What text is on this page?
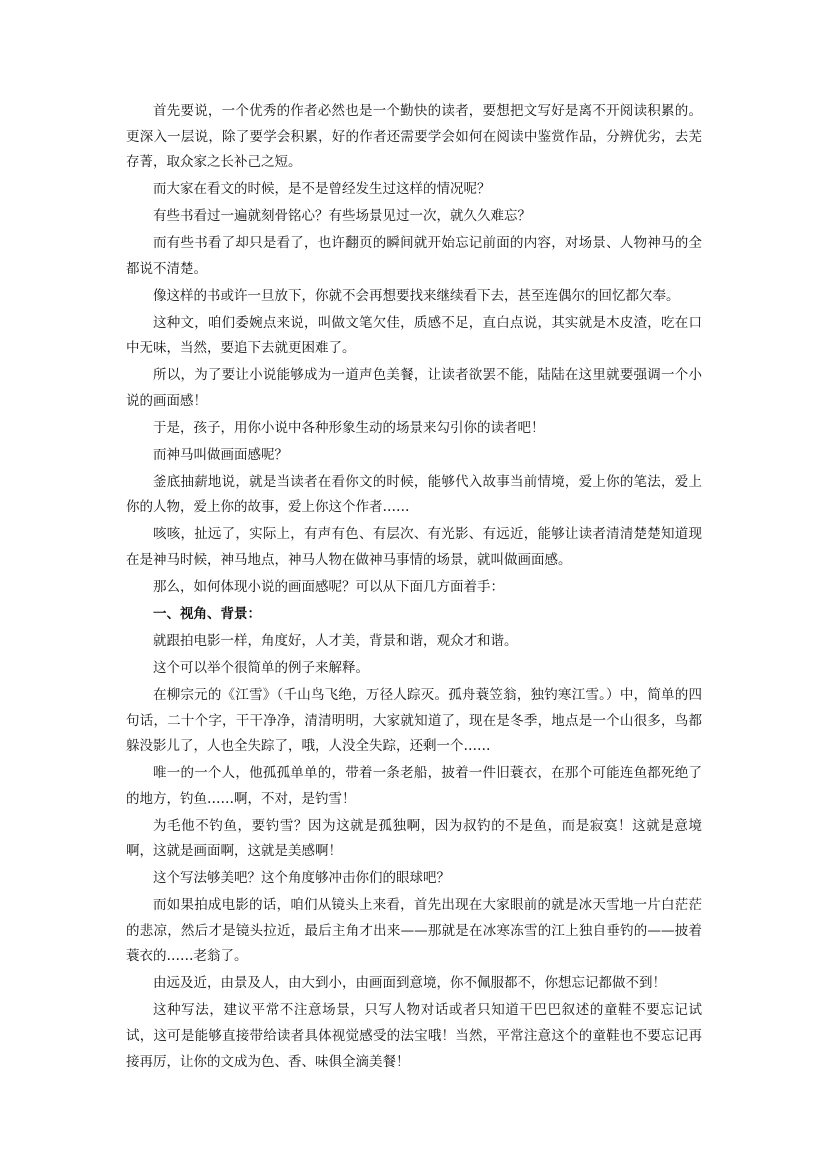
首先要说，一个优秀的作者必然也是一个勤快的读者，要想把文写好是离不开阅读积累的。更深入一层说，除了要学会积累，好的作者还需要学会如何在阅读中鉴赏作品，分辨优劣，去芜存菁，取众家之长补己之短。

而大家在看文的时候，是不是曾经发生过这样的情况呢？

有些书看过一遍就刻骨铭心？有些场景见过一次，就久久难忘？

而有些书看了却只是看了，也许翻页的瞬间就开始忘记前面的内容，对场景、人物神马的全都说不清楚。

像这样的书或许一旦放下，你就不会再想要找来继续看下去，甚至连偶尔的回忆都欠奉。

这种文，咱们委婉点来说，叫做文笔欠佳，质感不足，直白点说，其实就是木皮渣，吃在口中无味，当然，要追下去就更困难了。

所以，为了要让小说能够成为一道声色美餐，让读者欲罢不能，陆陆在这里就要强调一个小说的画面感！

于是，孩子，用你小说中各种形象生动的场景来勾引你的读者吧！

而神马叫做画面感呢？

釜底抽薪地说，就是当读者在看你文的时候，能够代入故事当前情境，爱上你的笔法，爱上你的人物，爱上你的故事，爱上你这个作者……

咳咳，扯远了，实际上，有声有色、有层次、有光影、有远近，能够让读者清清楚楚知道现在是神马时候，神马地点，神马人物在做神马事情的场景，就叫做画面感。

那么，如何体现小说的画面感呢？可以从下面几方面着手：

一、视角、背景：

就跟拍电影一样，角度好，人才美，背景和谐，观众才和谐。

这个可以举个很简单的例子来解释。

在柳宗元的《江雪》（千山鸟飞绝，万径人踪灭。孤舟蓑笠翁，独钓寒江雪。）中，简单的四句话，二十个字，干干净净，清清明明，大家就知道了，现在是冬季，地点是一个山很多，鸟都躲没影儿了，人也全失踪了，哦，人没全失踪，还剩一个……

唯一的一个人，他孤孤单单的，带着一条老船，披着一件旧蓑衣，在那个可能连鱼都死绝了的地方，钓鱼……啊，不对，是钓雪！

为毛他不钓鱼，要钓雪？因为这就是孤独啊，因为叔钓的不是鱼，而是寂寞！这就是意境啊，这就是画面啊，这就是美感啊！

这个写法够美吧？这个角度够冲击你们的眼球吧？

而如果拍成电影的话，咱们从镜头上来看，首先出现在大家眼前的就是冰天雪地一片白茫茫的悲凉，然后才是镜头拉近，最后主角才出来——那就是在冰寒冻雪的江上独自垂钓的——披着蓑衣的……老翁了。

由远及近，由景及人，由大到小，由画面到意境，你不佩服都不，你想忘记都做不到！

这种写法，建议平常不注意场景，只写人物对话或者只知道干巴巴叙述的童鞋不要忘记试试，这可是能够直接带给读者具体视觉感受的法宝哦！当然，平常注意这个的童鞋也不要忘记再接再厉，让你的文成为色、香、味俱全滴美餐！
